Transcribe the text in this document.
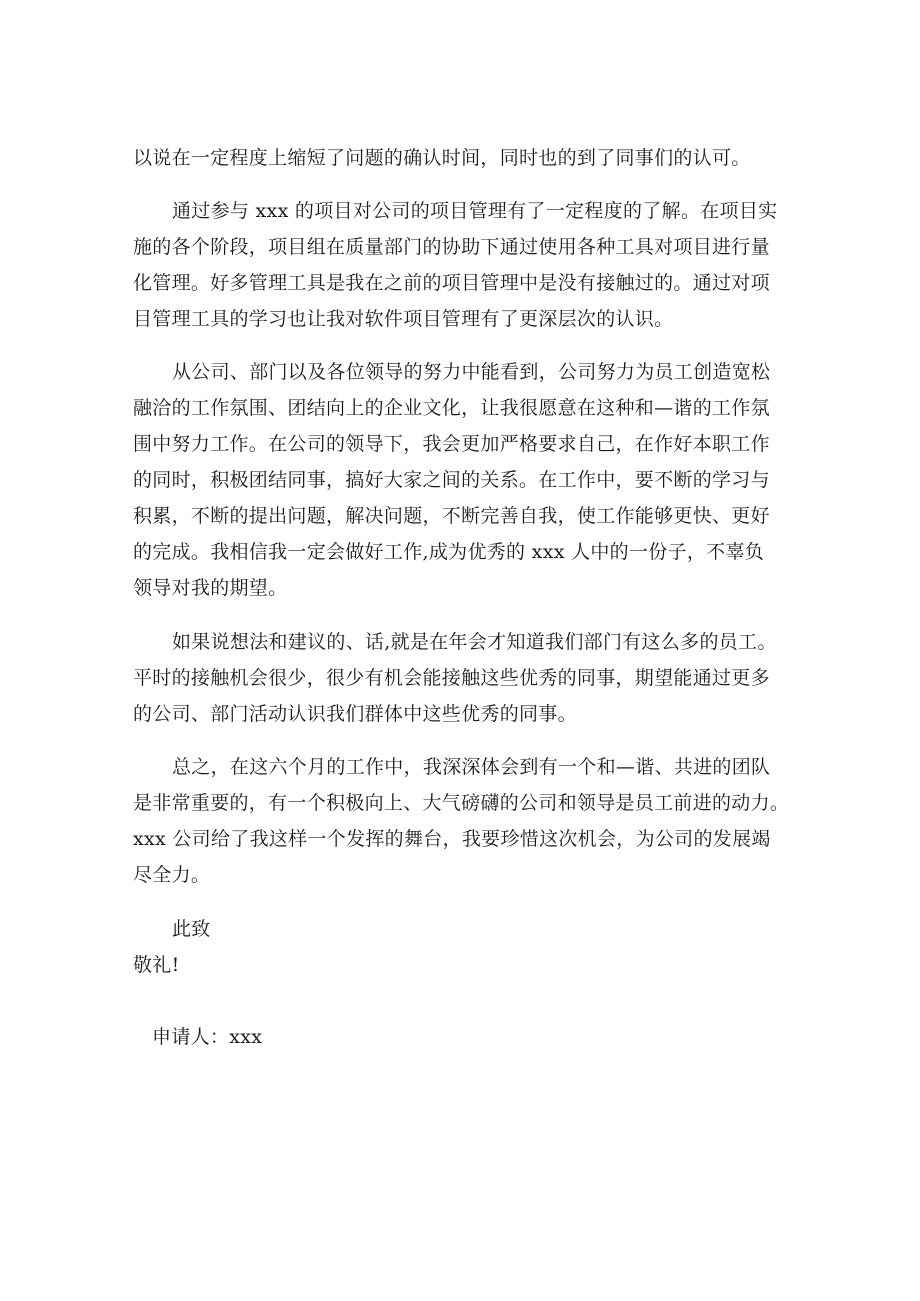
以说在一定程度上缩短了问题的确认时间，同时也的到了同事们的认可。
通过参与 xxx 的项目对公司的项目管理有了一定程度的了解。在项目实
施的各个阶段，项目组在质量部门的协助下通过使用各种工具对项目进行量
化管理。好多管理工具是我在之前的项目管理中是没有接触过的。通过对项
目管理工具的学习也让我对软件项目管理有了更深层次的认识。
从公司、部门以及各位领导的努力中能看到，公司努力为员工创造宽松
融洽的工作氛围、团结向上的企业文化，让我很愿意在这种和—谐的工作氛
围中努力工作。在公司的领导下，我会更加严格要求自己，在作好本职工作
的同时，积极团结同事，搞好大家之间的关系。在工作中，要不断的学习与
积累，不断的提出问题，解决问题，不断完善自我，使工作能够更快、更好
的完成。我相信我一定会做好工作,成为优秀的 xxx 人中的一份子，不辜负
领导对我的期望。
如果说想法和建议的、话,就是在年会才知道我们部门有这么多的员工。
平时的接触机会很少，很少有机会能接触这些优秀的同事，期望能通过更多
的公司、部门活动认识我们群体中这些优秀的同事。
总之，在这六个月的工作中，我深深体会到有一个和—谐、共进的团队
是非常重要的，有一个积极向上、大气磅礴的公司和领导是员工前进的动力。
xxx 公司给了我这样一个发挥的舞台，我要珍惜这次机会，为公司的发展竭
尽全力。
此致
敬礼!
申请人：xxx
